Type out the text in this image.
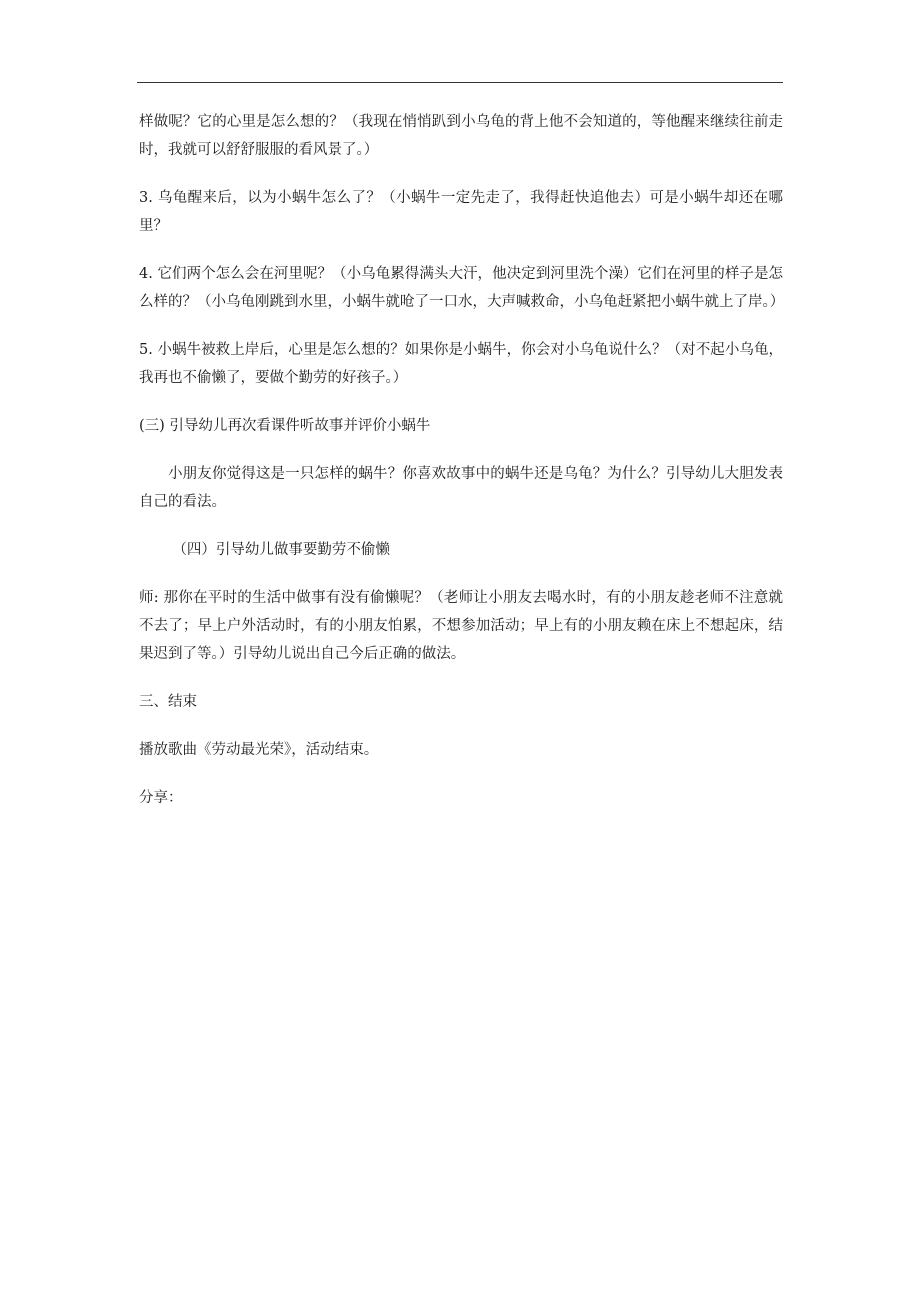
样做呢？它的心里是怎么想的？（我现在悄悄趴到小乌龟的背上他不会知道的，等他醒来继续往前走时，我就可以舒舒服服的看风景了。）

3. 乌龟醒来后，以为小蜗牛怎么了？（小蜗牛一定先走了，我得赶快追他去）可是小蜗牛却还在哪里？

4. 它们两个怎么会在河里呢？（小乌龟累得满头大汗，他决定到河里洗个澡）它们在河里的样子是怎么样的？（小乌龟刚跳到水里，小蜗牛就呛了一口水，大声喊救命，小乌龟赶紧把小蜗牛就上了岸。）

5. 小蜗牛被救上岸后，心里是怎么想的？如果你是小蜗牛，你会对小乌龟说什么？（对不起小乌龟，我再也不偷懒了，要做个勤劳的好孩子。）

(三) 引导幼儿再次看课件听故事并评价小蜗牛

小朋友你觉得这是一只怎样的蜗牛？你喜欢故事中的蜗牛还是乌龟？为什么？引导幼儿大胆发表自己的看法。

（四）引导幼儿做事要勤劳不偷懒

师: 那你在平时的生活中做事有没有偷懒呢？（老师让小朋友去喝水时，有的小朋友趁老师不注意就不去了；早上户外活动时，有的小朋友怕累，不想参加活动；早上有的小朋友赖在床上不想起床，结果迟到了等。）引导幼儿说出自己今后正确的做法。

三、结束

播放歌曲《劳动最光荣》，活动结束。

分享：
